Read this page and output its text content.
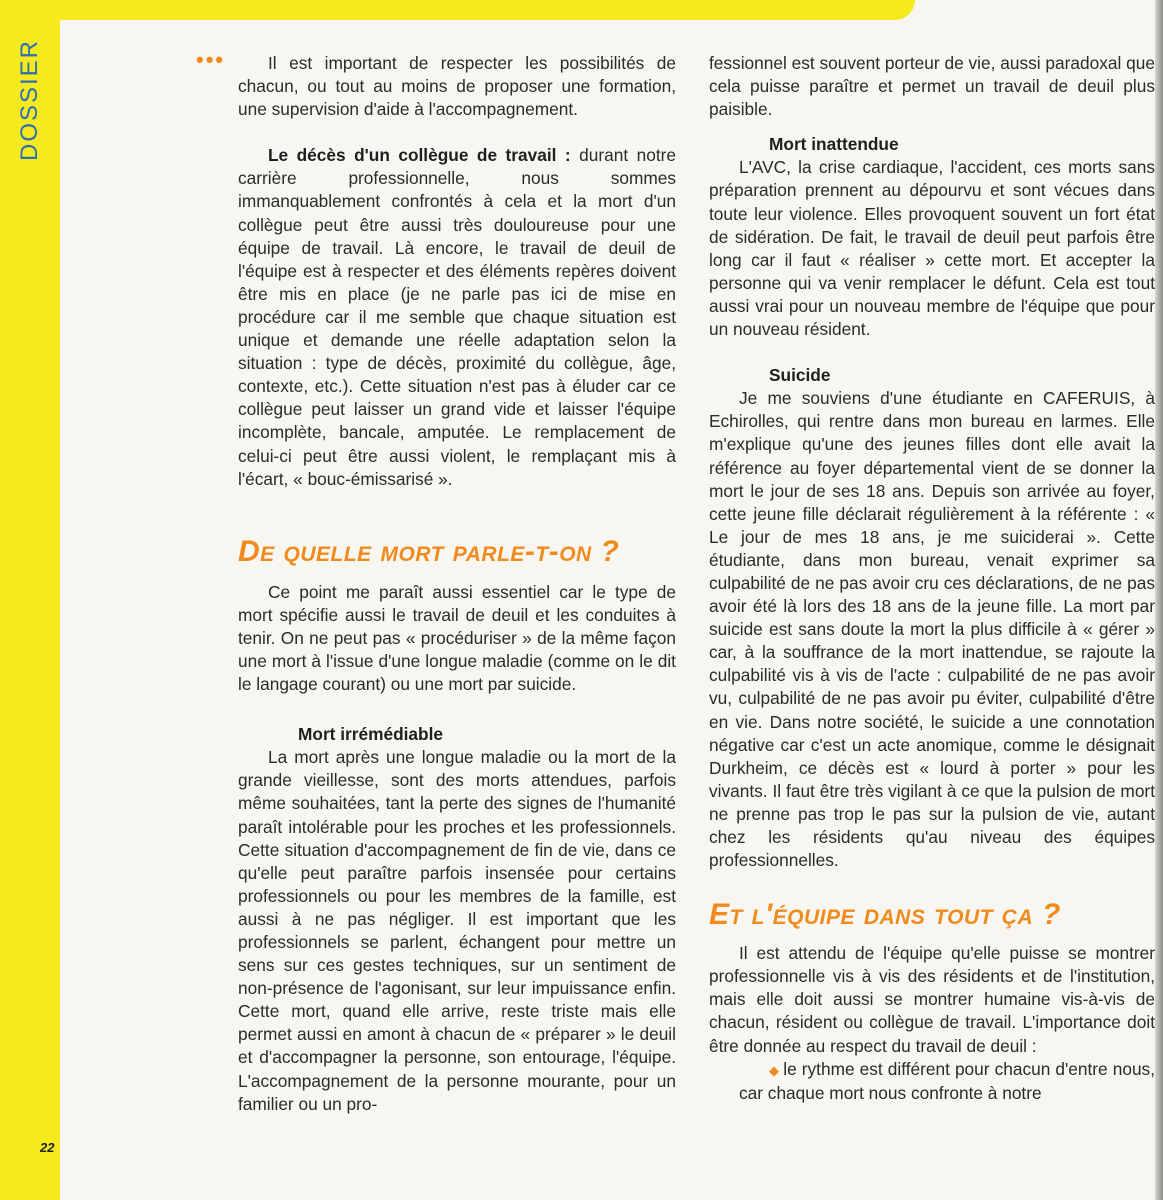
DOSSIER
22
•••	Il est important de respecter les possibilités de chacun, ou tout au moins de proposer une formation, une supervision d'aide à l'accompagnement.

Le décès d'un collègue de travail : durant notre carrière professionnelle, nous sommes immanquablement confrontés à cela et la mort d'un collègue peut être aussi très douloureuse pour une équipe de travail. Là encore, le travail de deuil de l'équipe est à respecter et des éléments repères doivent être mis en place (je ne parle pas ici de mise en procédure car il me semble que chaque situation est unique et demande une réelle adaptation selon la situation : type de décès, proximité du collègue, âge, contexte, etc.). Cette situation n'est pas à éluder car ce collègue peut laisser un grand vide et laisser l'équipe incomplète, bancale, amputée. Le remplacement de celui-ci peut être aussi violent, le remplaçant mis à l'écart, « bouc-émissarisé ».

De quelle mort parle-t-on ?

Ce point me paraît aussi essentiel car le type de mort spécifie aussi le travail de deuil et les conduites à tenir. On ne peut pas « procéduriser » de la même façon une mort à l'issue d'une longue maladie (comme on le dit le langage courant) ou une mort par suicide.

Mort irrémédiable

La mort après une longue maladie ou la mort de la grande vieillesse, sont des morts attendues, parfois même souhaitées, tant la perte des signes de l'humanité paraît intolérable pour les proches et les professionnels. Cette situation d'accompagnement de fin de vie, dans ce qu'elle peut paraître parfois insensée pour certains professionnels ou pour les membres de la famille, est aussi à ne pas négliger. Il est important que les professionnels se parlent, échangent pour mettre un sens sur ces gestes techniques, sur un sentiment de non-présence de l'agonisant, sur leur impuissance enfin. Cette mort, quand elle arrive, reste triste mais elle permet aussi en amont à chacun de « préparer » le deuil et d'accompagner la personne, son entourage, l'équipe. L'accompagnement de la personne mourante, pour un familier ou un pro-

fessionnel est souvent porteur de vie, aussi paradoxal que cela puisse paraître et permet un travail de deuil plus paisible.

Mort inattendue

L'AVC, la crise cardiaque, l'accident, ces morts sans préparation prennent au dépourvu et sont vécues dans toute leur violence. Elles provoquent souvent un fort état de sidération. De fait, le travail de deuil peut parfois être long car il faut « réaliser » cette mort. Et accepter la personne qui va venir remplacer le défunt. Cela est tout aussi vrai pour un nouveau membre de l'équipe que pour un nouveau résident.

Suicide

Je me souviens d'une étudiante en CAFERUIS, à Echirolles, qui rentre dans mon bureau en larmes. Elle m'explique qu'une des jeunes filles dont elle avait la référence au foyer départemental vient de se donner la mort le jour de ses 18 ans. Depuis son arrivée au foyer, cette jeune fille déclarait régulièrement à la référente : « Le jour de mes 18 ans, je me suiciderai ». Cette étudiante, dans mon bureau, venait exprimer sa culpabilité de ne pas avoir cru ces déclarations, de ne pas avoir été là lors des 18 ans de la jeune fille. La mort par suicide est sans doute la mort la plus difficile à « gérer » car, à la souffrance de la mort inattendue, se rajoute la culpabilité vis à vis de l'acte : culpabilité de ne pas avoir vu, culpabilité de ne pas avoir pu éviter, culpabilité d'être en vie. Dans notre société, le suicide a une connotation négative car c'est un acte anomique, comme le désignait Durkheim, ce décès est « lourd à porter » pour les vivants. Il faut être très vigilant à ce que la pulsion de mort ne prenne pas trop le pas sur la pulsion de vie, autant chez les résidents qu'au niveau des équipes professionnelles.

Et l'équipe dans tout ça ?

Il est attendu de l'équipe qu'elle puisse se montrer professionnelle vis à vis des résidents et de l'institution, mais elle doit aussi se montrer humaine vis-à-vis de chacun, résident ou collègue de travail. L'importance doit être donnée au respect du travail de deuil :

◆ le rythme est différent pour chacun d'entre nous, car chaque mort nous confronte à notre
